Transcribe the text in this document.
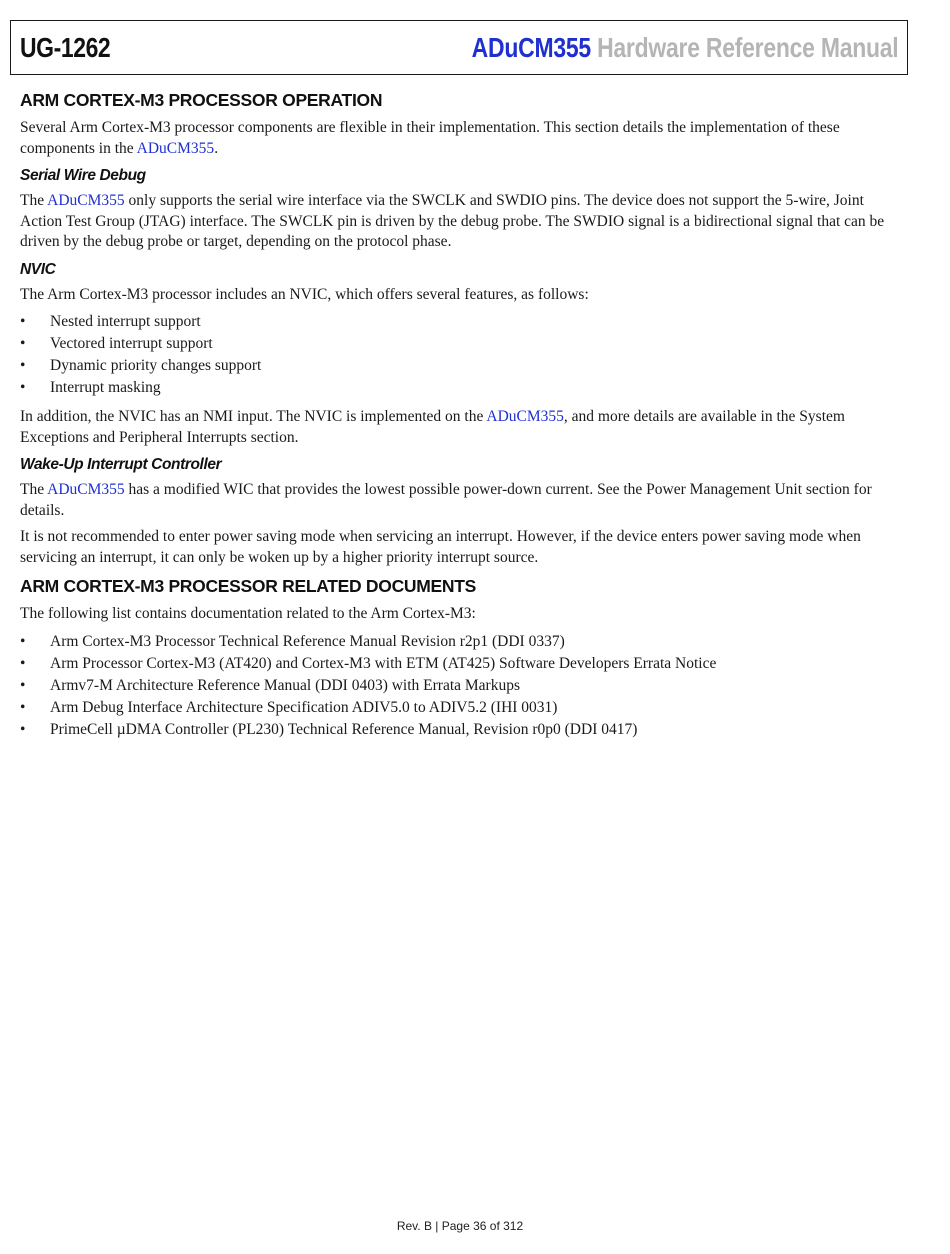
UG-1262	ADuCM355 Hardware Reference Manual
ARM CORTEX-M3 PROCESSOR OPERATION

Several Arm Cortex-M3 processor components are flexible in their implementation. This section details the implementation of these components in the ADuCM355.

Serial Wire Debug

The ADuCM355 only supports the serial wire interface via the SWCLK and SWDIO pins. The device does not support the 5-wire, Joint Action Test Group (JTAG) interface. The SWCLK pin is driven by the debug probe. The SWDIO signal is a bidirectional signal that can be driven by the debug probe or target, depending on the protocol phase.

NVIC

The Arm Cortex-M3 processor includes an NVIC, which offers several features, as follows:

• Nested interrupt support
• Vectored interrupt support
• Dynamic priority changes support
• Interrupt masking

In addition, the NVIC has an NMI input. The NVIC is implemented on the ADuCM355, and more details are available in the System Exceptions and Peripheral Interrupts section.

Wake-Up Interrupt Controller

The ADuCM355 has a modified WIC that provides the lowest possible power-down current. See the Power Management Unit section for details.

It is not recommended to enter power saving mode when servicing an interrupt. However, if the device enters power saving mode when servicing an interrupt, it can only be woken up by a higher priority interrupt source.

ARM CORTEX-M3 PROCESSOR RELATED DOCUMENTS

The following list contains documentation related to the Arm Cortex-M3:

• Arm Cortex-M3 Processor Technical Reference Manual Revision r2p1 (DDI 0337)
• Arm Processor Cortex-M3 (AT420) and Cortex-M3 with ETM (AT425) Software Developers Errata Notice
• Armv7-M Architecture Reference Manual (DDI 0403) with Errata Markups
• Arm Debug Interface Architecture Specification ADIV5.0 to ADIV5.2 (IHI 0031)
• PrimeCell µDMA Controller (PL230) Technical Reference Manual, Revision r0p0 (DDI 0417)
Rev. B | Page 36 of 312
